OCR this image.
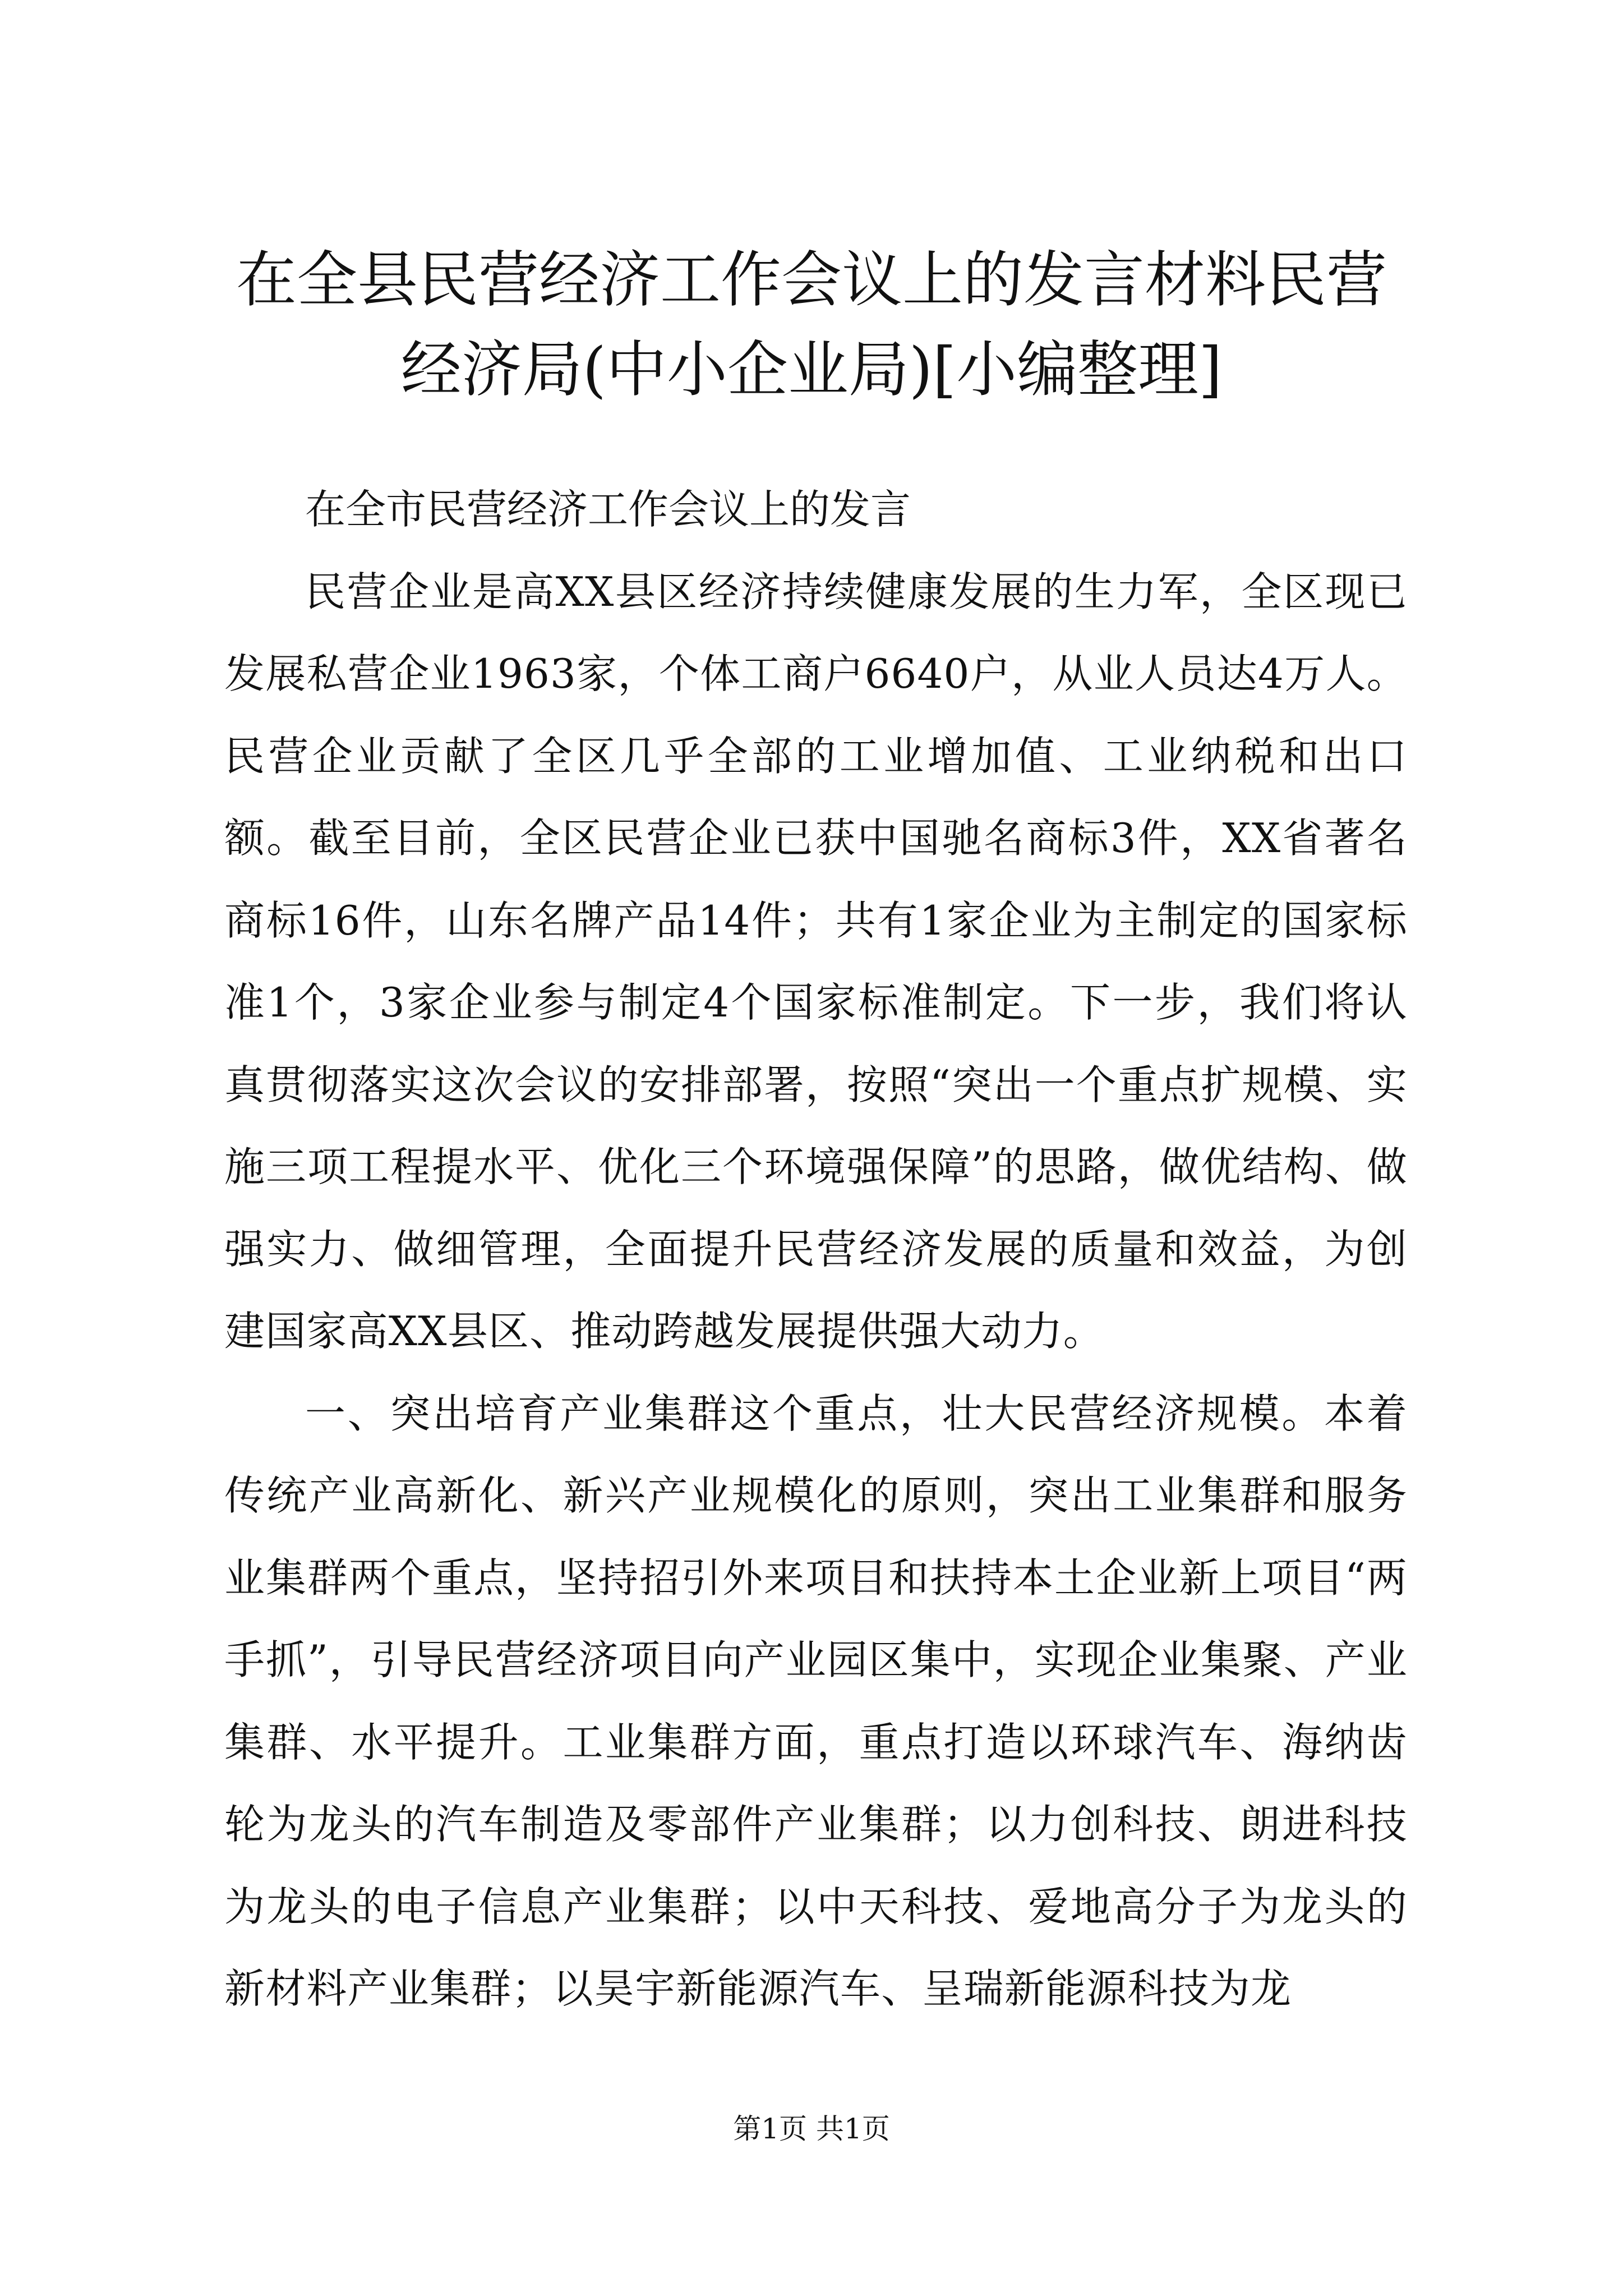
在全县民营经济工作会议上的发言材料民营经济局(中小企业局)[小编整理]

在全市民营经济工作会议上的发言

民营企业是高XX县区经济持续健康发展的生力军，全区现已发展私营企业1963家，个体工商户6640户，从业人员达4万人。民营企业贡献了全区几乎全部的工业增加值、工业纳税和出口额。截至目前，全区民营企业已获中国驰名商标3件，XX省著名商标16件，山东名牌产品14件；共有1家企业为主制定的国家标准1个，3家企业参与制定4个国家标准制定。下一步，我们将认真贯彻落实这次会议的安排部署，按照“突出一个重点扩规模、实施三项工程提水平、优化三个环境强保障”的思路，做优结构、做强实力、做细管理，全面提升民营经济发展的质量和效益，为创建国家高XX县区、推动跨越发展提供强大动力。

一、突出培育产业集群这个重点，壮大民营经济规模。本着传统产业高新化、新兴产业规模化的原则，突出工业集群和服务业集群两个重点，坚持招引外来项目和扶持本土企业新上项目“两手抓”，引导民营经济项目向产业园区集中，实现企业集聚、产业集群、水平提升。工业集群方面，重点打造以环球汽车、海纳齿轮为龙头的汽车制造及零部件产业集群；以力创科技、朗进科技为龙头的电子信息产业集群；以中天科技、爱地高分子为龙头的新材料产业集群；以昊宇新能源汽车、呈瑞新能源科技为龙

第1页 共1页
